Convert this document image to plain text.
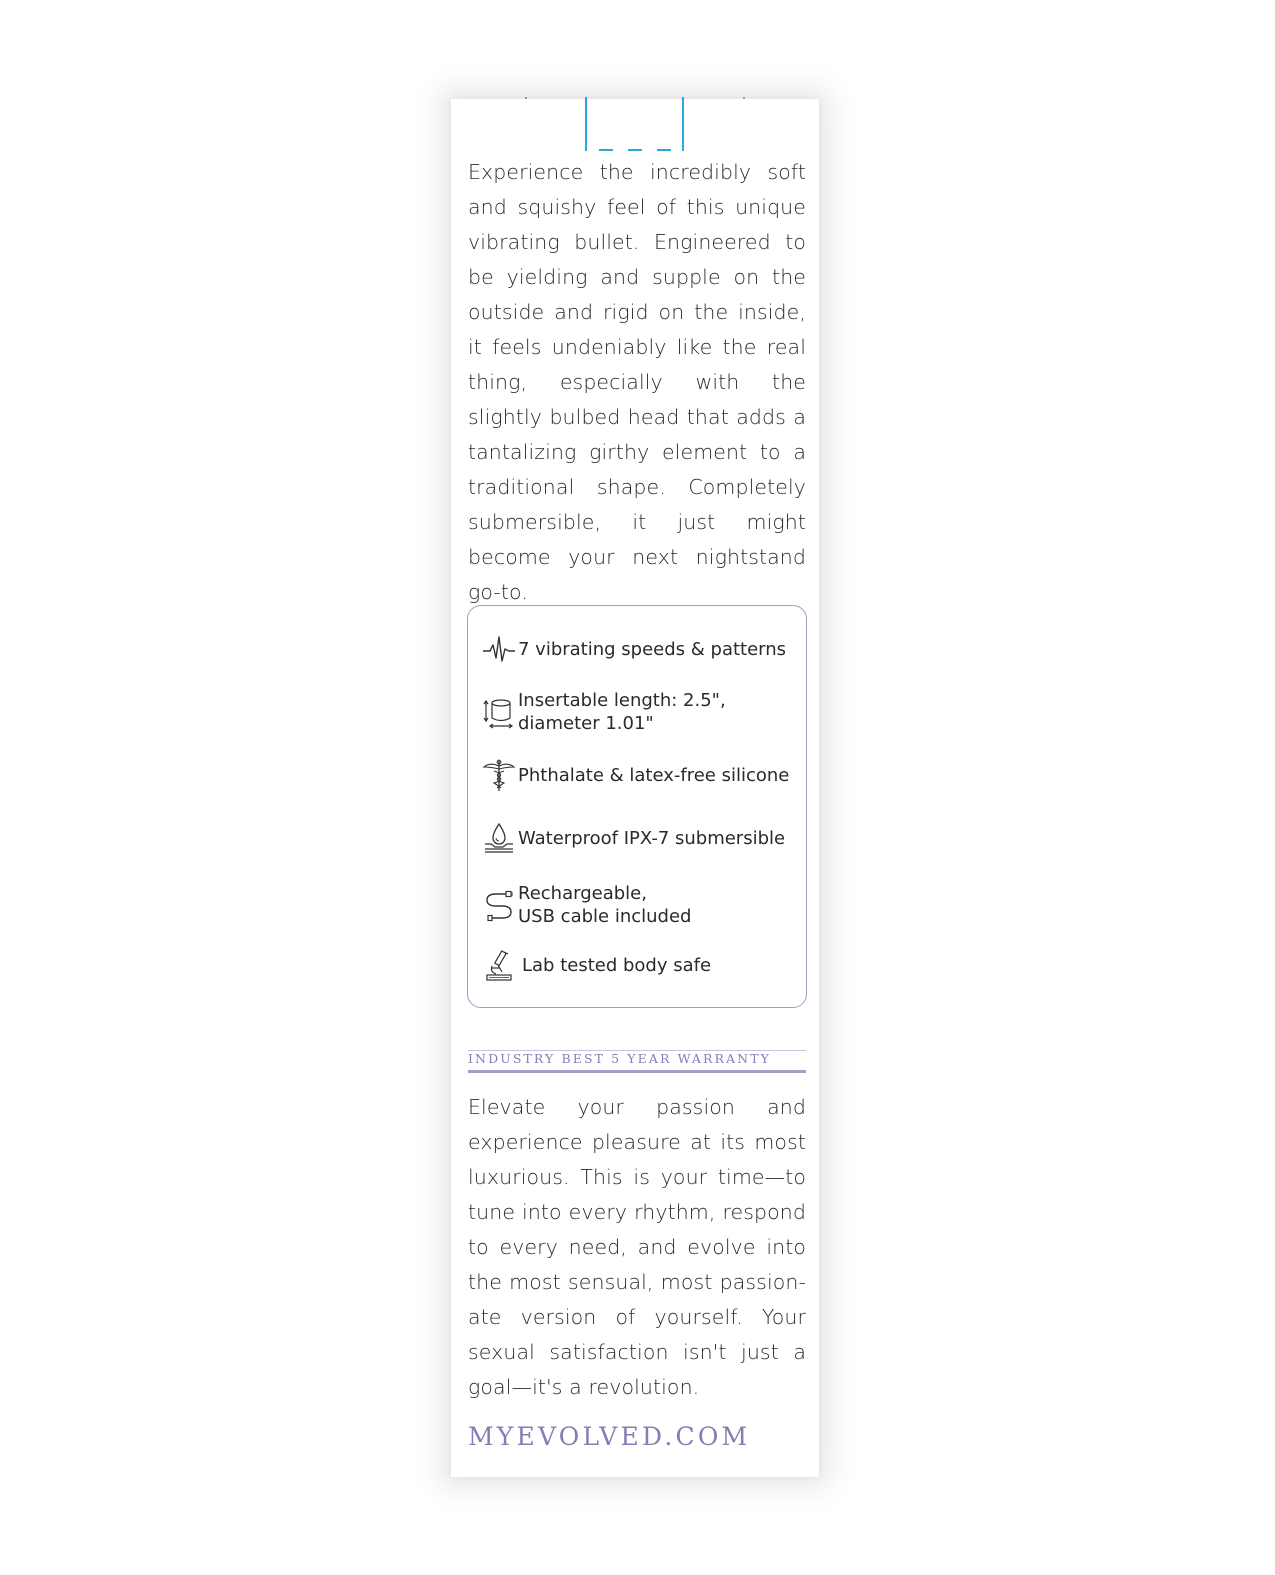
Experience the incredibly soft and squishy feel of this unique vibrating bullet. Engineered to be yielding and supple on the outside and rigid on the inside, it feels undeniably like the real thing, especially with the slightly bulbed head that adds a tantalizing girthy element to a traditional shape. Completely submersible, it just might become your next nightstand go-to.
7 vibrating speeds & patterns
Insertable length: 2.5",
diameter 1.01"
Phthalate & latex-free silicone
Waterproof IPX-7 submersible
Rechargeable,
USB cable included
Lab tested body safe
INDUSTRY BEST 5 YEAR WARRANTY
Elevate your passion and experience pleasure at its most luxurious. This is your time—to tune into every rhythm, respond to every need, and evolve into the most sensual, most passion-ate version of yourself. Your sexual satisfaction isn't just a goal—it's a revolution.
MYEVOLVED.COM
